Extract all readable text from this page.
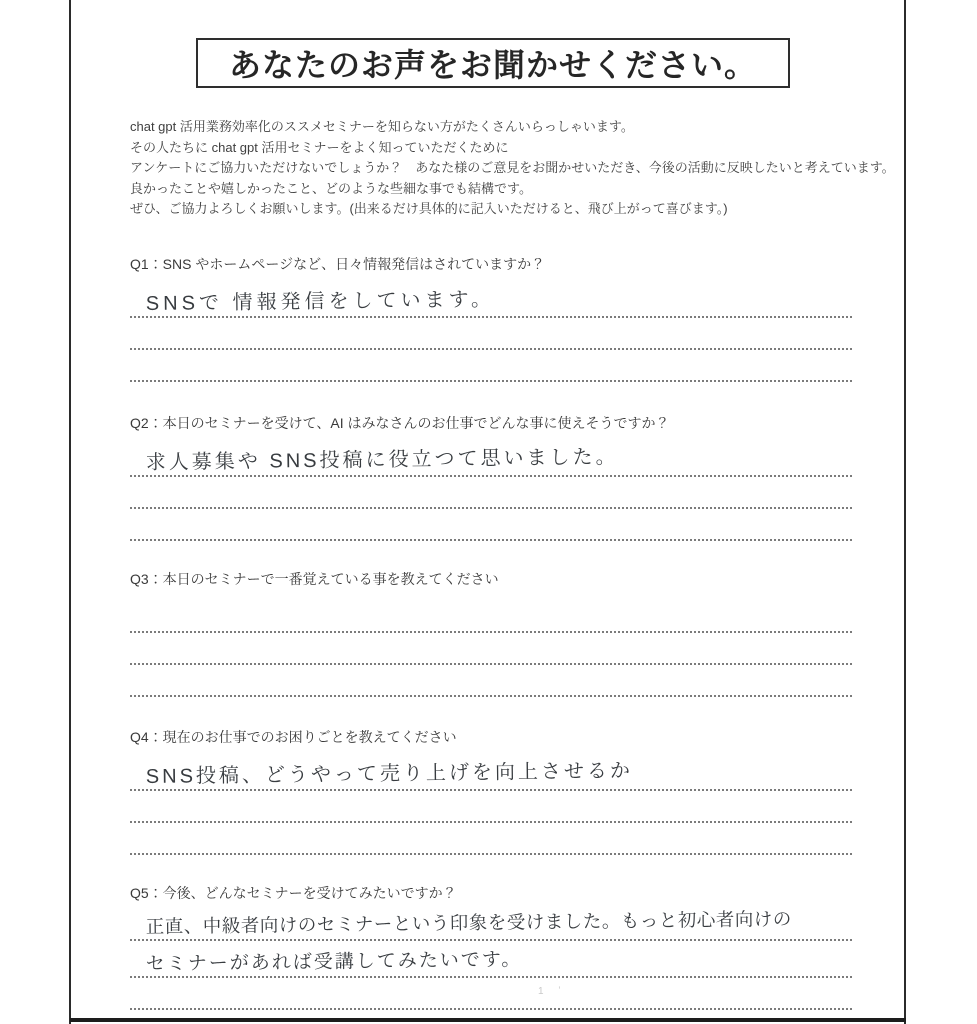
あなたのお声をお聞かせください。
chat gpt 活用業務効率化のススメセミナーを知らない方がたくさんいらっしゃいます。
その人たちに chat gpt 活用セミナーをよく知っていただくために
アンケートにご協力いただけないでしょうか？　あなた様のご意見をお聞かせいただき、今後の活動に反映したいと考えています。
良かったことや嬉しかったこと、どのような些細な事でも結構です。
ぜひ、ご協力よろしくお願いします。(出来るだけ具体的に記入いただけると、飛び上がって喜びます。)
Q1：SNS やホームページなど、日々情報発信はされていますか？
SNSで 情報発信をしています。
Q2：本日のセミナーを受けて、AI はみなさんのお仕事でどんな事に使えそうですか？
求人募集や SNS投稿に役立つて思いました。
Q3：本日のセミナーで一番覚えている事を教えてください
Q4：現在のお仕事でのお困りごとを教えてください
SNS投稿、どうやって売り上げを向上させるか
Q5：今後、どんなセミナーを受けてみたいですか？
正直、中級者向けのセミナーという印象を受けました。もっと初心者向けの
セミナーがあれば受講してみたいです。
1 ʼ
